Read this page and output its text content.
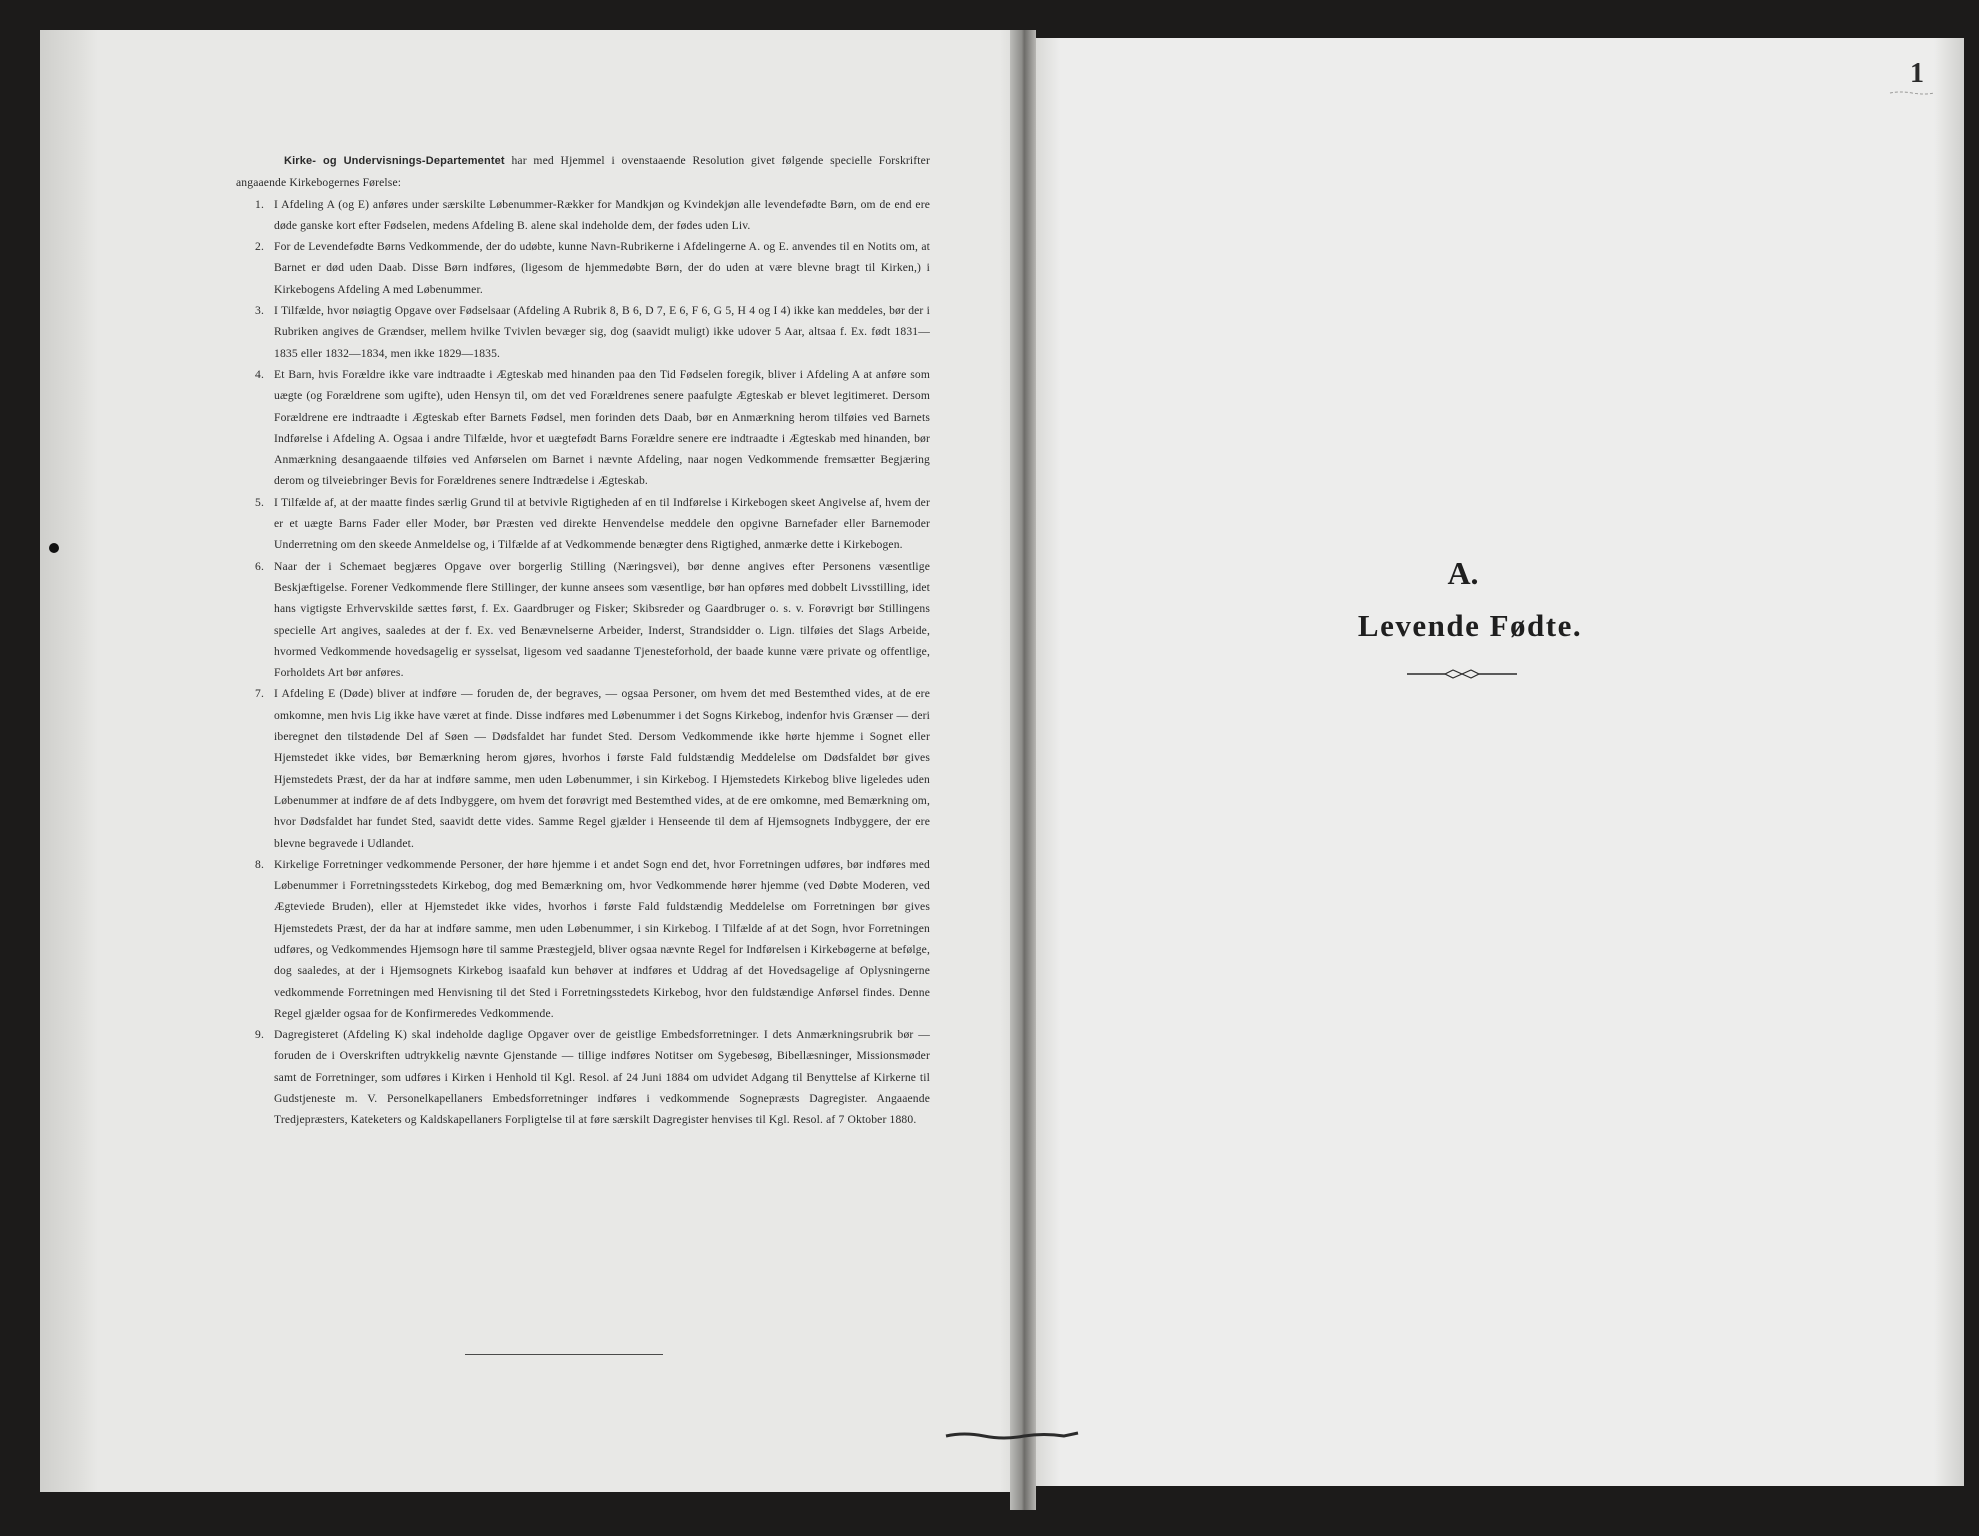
Kirke- og Undervisnings-Departementet har med Hjemmel i ovenstaaende Resolution givet følgende specielle Forskrifter angaaende Kirkebogernes Førelse:

1. I Afdeling A (og E) anføres under særskilte Løbenummer-Rækker for Mandkjøn og Kvindekjøn alle levendefødte Børn, om de end ere døde ganske kort efter Fødselen, medens Afdeling B. alene skal indeholde dem, der fødes uden Liv.
2. For de Levendefødte Børns Vedkommende, der do udøbte, kunne Navn-Rubrikerne i Afdelingerne A. og E. anvendes til en Notits om, at Barnet er død uden Daab. Disse Børn indføres, (ligesom de hjemmedøbte Børn, der do uden at være blevne bragt til Kirken,) i Kirkebogens Afdeling A med Løbenummer.
3. I Tilfælde, hvor nøiagtig Opgave over Fødselsaar (Afdeling A Rubrik 8, B 6, D 7, E 6, F 6, G 5, H 4 og I 4) ikke kan meddeles, bør der i Rubriken angives de Grændser, mellem hvilke Tvivlen bevæger sig, dog (saavidt muligt) ikke udover 5 Aar, altsaa f. Ex. født 1831—1835 eller 1832—1834, men ikke 1829—1835.
4. Et Barn, hvis Forældre ikke vare indtraadte i Ægteskab med hinanden paa den Tid Fødselen foregik, bliver i Afdeling A at anføre som uægte (og Forældrene som ugifte), uden Hensyn til, om det ved Forældrenes senere paafulgte Ægteskab er blevet legitimeret. Dersom Forældrene ere indtraadte i Ægteskab efter Barnets Fødsel, men forinden dets Daab, bør en Anmærkning herom tilføies ved Barnets Indførelse i Afdeling A. Ogsaa i andre Tilfælde, hvor et uægtefødt Barns Forældre senere ere indtraadte i Ægteskab med hinanden, bør Anmærkning desangaaende tilføies ved Anførselen om Barnet i nævnte Afdeling, naar nogen Vedkommende fremsætter Begjæring derom og tilveiebringer Bevis for Forældrenes senere Indtrædelse i Ægteskab.
5. I Tilfælde af, at der maatte findes særlig Grund til at betvivle Rigtigheden af en til Indførelse i Kirkebogen skeet Angivelse af, hvem der er et uægte Barns Fader eller Moder, bør Præsten ved direkte Henvendelse meddele den opgivne Barnefader eller Barnemoder Underretning om den skeede Anmeldelse og, i Tilfælde af at Vedkommende benægter dens Rigtighed, anmærke dette i Kirkebogen.
6. Naar der i Schemaet begjæres Opgave over borgerlig Stilling (Næringsvei), bør denne angives efter Personens væsentlige Beskjæftigelse. Forener Vedkommende flere Stillinger, der kunne ansees som væsentlige, bør han opføres med dobbelt Livsstilling, idet hans vigtigste Erhvervskilde sættes først, f. Ex. Gaardbruger og Fisker; Skibsreder og Gaardbruger o. s. v. Forøvrigt bør Stillingens specielle Art angives, saaledes at der f. Ex. ved Benævnelserne Arbeider, Inderst, Strandsidder o. Lign. tilføies det Slags Arbeide, hvormed Vedkommende hovedsagelig er sysselsat, ligesom ved saadanne Tjenesteforhold, der baade kunne være private og offentlige, Forholdets Art bør anføres.
7. I Afdeling E (Døde) bliver at indføre — foruden de, der begraves, — ogsaa Personer, om hvem det med Bestemthed vides, at de ere omkomne, men hvis Lig ikke have været at finde. Disse indføres med Løbenummer i det Sogns Kirkebog, indenfor hvis Grænser — deri iberegnet den tilstødende Del af Søen — Dødsfaldet har fundet Sted. Dersom Vedkommende ikke hørte hjemme i Sognet eller Hjemstedet ikke vides, bør Bemærkning herom gjøres, hvorhos i første Fald fuldstændig Meddelelse om Dødsfaldet bør gives Hjemstedets Præst, der da har at indføre samme, men uden Løbenummer, i sin Kirkebog. I Hjemstedets Kirkebog blive ligeledes uden Løbenummer at indføre de af dets Indbyggere, om hvem det forøvrigt med Bestemthed vides, at de ere omkomne, med Bemærkning om, hvor Dødsfaldet har fundet Sted, saavidt dette vides. Samme Regel gjælder i Henseende til dem af Hjemsognets Indbyggere, der ere blevne begravede i Udlandet.
8. Kirkelige Forretninger vedkommende Personer, der høre hjemme i et andet Sogn end det, hvor Forretningen udføres, bør indføres med Løbenummer i Forretningsstedets Kirkebog, dog med Bemærkning om, hvor Vedkommende hører hjemme (ved Døbte Moderen, ved Ægteviede Bruden), eller at Hjemstedet ikke vides, hvorhos i første Fald fuldstændig Meddelelse om Forretningen bør gives Hjemstedets Præst, der da har at indføre samme, men uden Løbenummer, i sin Kirkebog. I Tilfælde af at det Sogn, hvor Forretningen udføres, og Vedkommendes Hjemsogn høre til samme Præstegjeld, bliver ogsaa nævnte Regel for Indførelsen i Kirkebøgerne at befølge, dog saaledes, at der i Hjemsognets Kirkebog isaafald kun behøver at indføres et Uddrag af det Hovedsagelige af Oplysningerne vedkommende Forretningen med Henvisning til det Sted i Forretningsstedets Kirkebog, hvor den fuldstændige Anførsel findes. Denne Regel gjælder ogsaa for de Konfirmeredes Vedkommende.
9. Dagregisteret (Afdeling K) skal indeholde daglige Opgaver over de geistlige Embedsforretninger. I dets Anmærkningsrubrik bør — foruden de i Overskriften udtrykkelig nævnte Gjenstande — tillige indføres Notitser om Sygebesøg, Bibellæsninger, Missionsmøder samt de Forretninger, som udføres i Kirken i Henhold til Kgl. Resol. af 24 Juni 1884 om udvidet Adgang til Benyttelse af Kirkerne til Gudstjeneste m. V. Personelkapellaners Embedsforretninger indføres i vedkommende Sognepræsts Dagregister. Angaaende Tredjepræsters, Kateketers og Kaldskapellaners Forpligtelse til at føre særskilt Dagregister henvises til Kgl. Resol. af 7 Oktober 1880.
1
A.
Levende Fødte.
